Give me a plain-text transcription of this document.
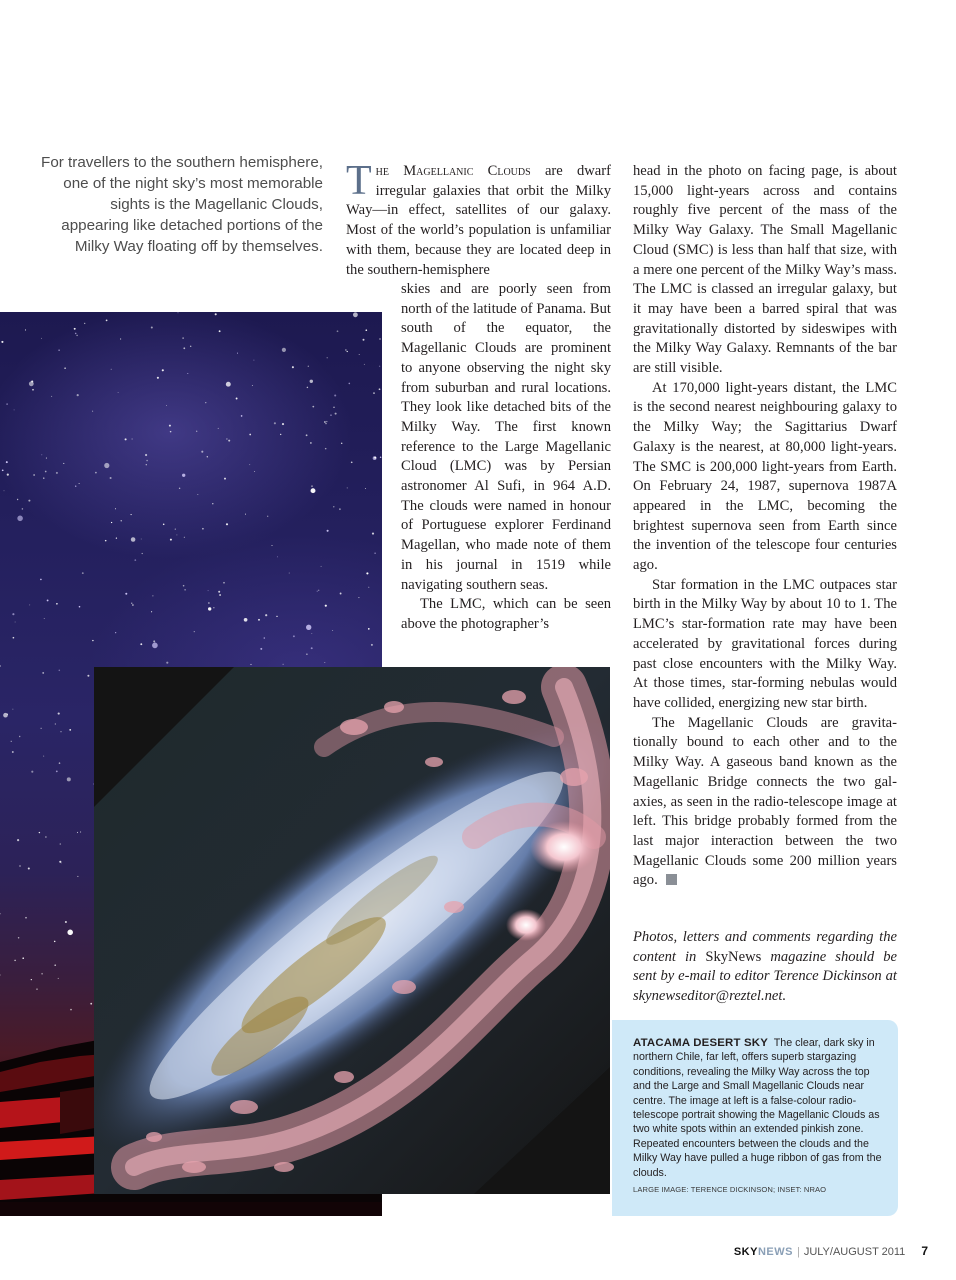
For travellers to the southern hemisphere, one of the night sky’s most memorable sights is the Magellanic Clouds, appearing like detached portions of the Milky Way floating off by themselves.

The Magellanic Clouds are dwarf irregular galaxies that orbit the Milky Way—in effect, satellites of our galaxy. Most of the world’s population is unfamiliar with them, because they are located deep in the southern-hemisphere

skies and are poorly seen from north of the latitude of Panama. But south of the equator, the Magellanic Clouds are prominent to anyone observing the night sky from suburban and rural locations. They look like detached bits of the Milky Way. The first known reference to the Large Magellanic Cloud (LMC) was by Persian astronomer Al Sufi, in 964 A.D. The clouds were named in honour of Portuguese explorer Ferdinand Magellan, who made note of them in his journal in 1519 while navigating southern seas.

The LMC, which can be seen above the photographer’s

head in the photo on facing page, is about 15,000 light-years across and contains roughly five percent of the mass of the Milky Way Galaxy. The Small Magellanic Cloud (SMC) is less than half that size, with a mere one percent of the Milky Way’s mass. The LMC is classed an irregular galaxy, but it may have been a barred spiral that was gravitationally distorted by sideswipes with the Milky Way Galaxy. Remnants of the bar are still visible.

At 170,000 light-years distant, the LMC is the second nearest neighbouring galaxy to the Milky Way; the Sagittarius Dwarf Galaxy is the nearest, at 80,000 light-years. The SMC is 200,000 light-years from Earth. On February 24, 1987, supernova 1987A appeared in the LMC, becoming the brightest supernova seen from Earth since the invention of the telescope four centuries ago.

Star formation in the LMC outpaces star birth in the Milky Way by about 10 to 1. The LMC’s star-formation rate may have been accelerated by gravitational forces during past close encounters with the Milky Way. At those times, star-forming nebulas would have collided, energizing new star birth.

The Magellanic Clouds are gravitationally bound to each other and to the Milky Way. A gaseous band known as the Magellanic Bridge connects the two galaxies, as seen in the radio-telescope image at left. This bridge probably formed from the last major interaction between the two Magellanic Clouds some 200 million years ago.

Photos, letters and comments regarding the content in SkyNews magazine should be sent by e-mail to editor Terence Dickinson at skynewseditor@reztel.net.
ATACAMA DESERT SKY The clear, dark sky in northern Chile, far left, offers superb stargazing conditions, revealing the Milky Way across the top and the Large and Small Magellanic Clouds near centre. The image at left is a false-colour radio-telescope portrait showing the Magellanic Clouds as two white spots within an extended pinkish zone. Repeated encounters between the clouds and the Milky Way have pulled a huge ribbon of gas from the clouds.
LARGE IMAGE: TERENCE DICKINSON; INSET: NRAO
SKYNEWS | JULY/AUGUST 2011 7
